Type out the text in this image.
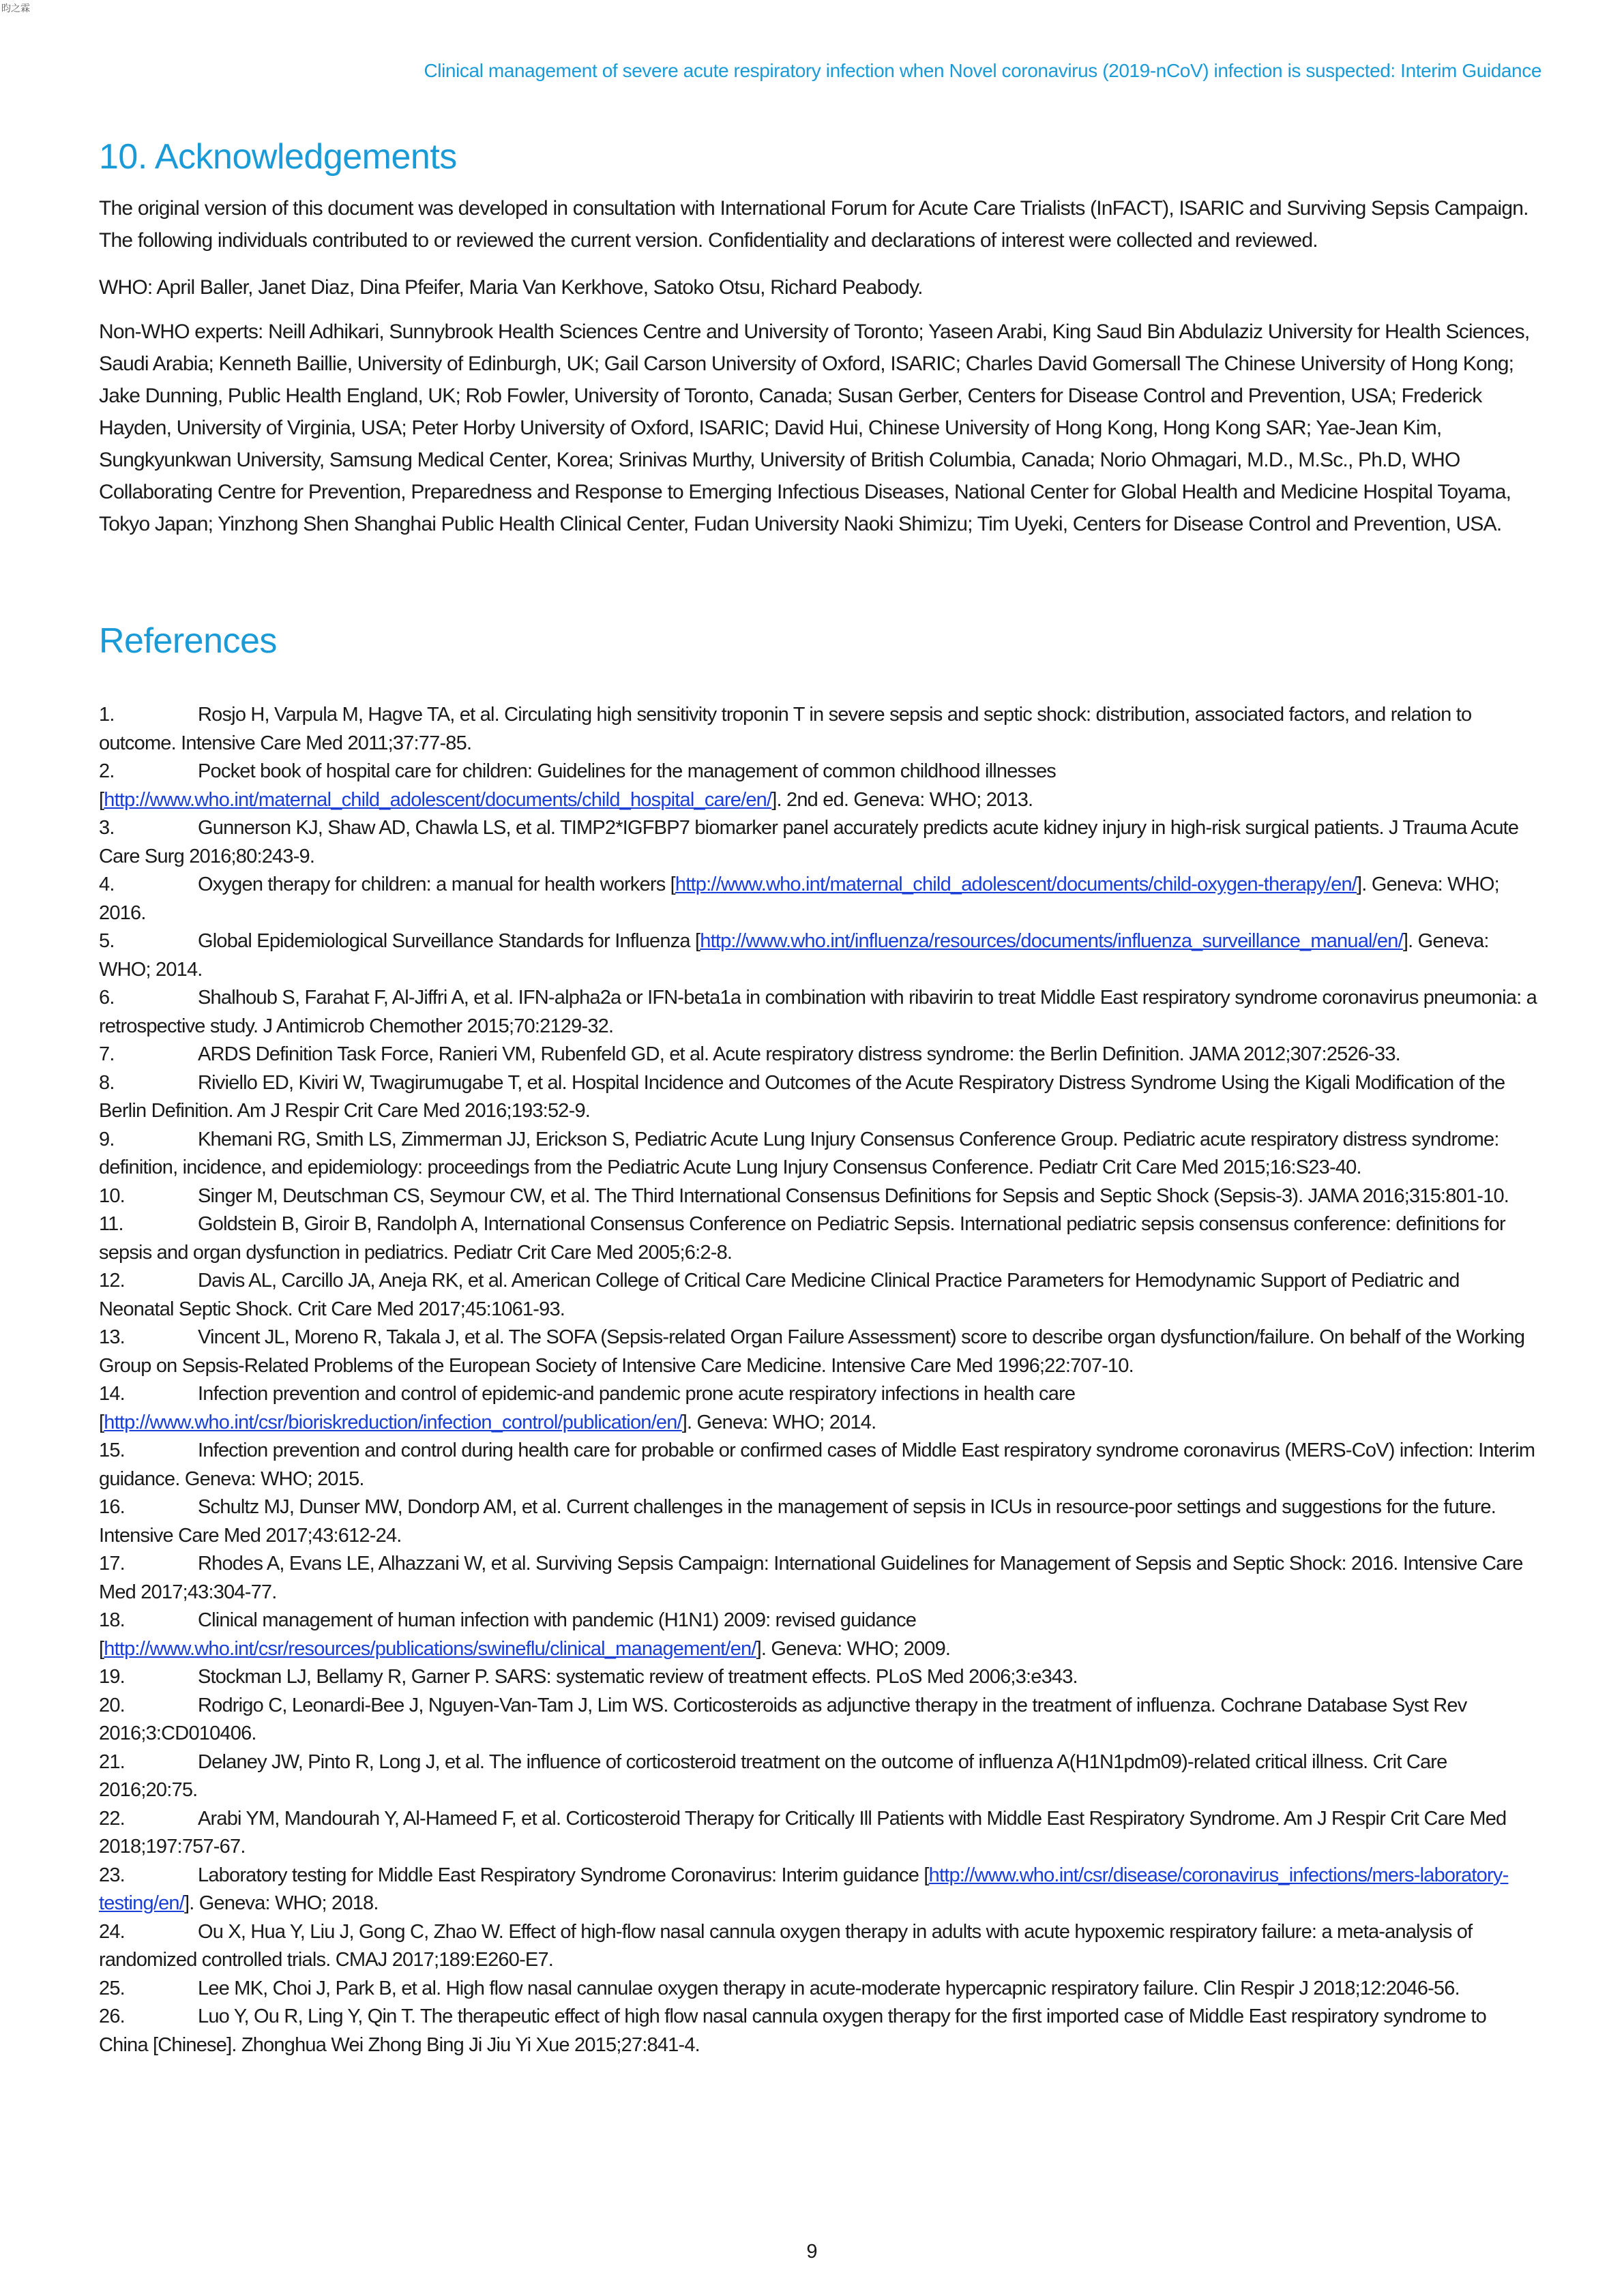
昀之霖
Clinical management of severe acute respiratory infection when Novel coronavirus (2019-nCoV) infection is suspected: Interim Guidance
10. Acknowledgements

The original version of this document was developed in consultation with International Forum for Acute Care Trialists (InFACT), ISARIC and Surviving Sepsis Campaign. The following individuals contributed to or reviewed the current version. Confidentiality and declarations of interest were collected and reviewed.

WHO: April Baller, Janet Diaz, Dina Pfeifer, Maria Van Kerkhove, Satoko Otsu, Richard Peabody.

Non-WHO experts: Neill Adhikari, Sunnybrook Health Sciences Centre and University of Toronto; Yaseen Arabi, King Saud Bin Abdulaziz University for Health Sciences, Saudi Arabia; Kenneth Baillie, University of Edinburgh, UK; Gail Carson University of Oxford, ISARIC; Charles David Gomersall The Chinese University of Hong Kong; Jake Dunning, Public Health England, UK; Rob Fowler, University of Toronto, Canada; Susan Gerber, Centers for Disease Control and Prevention, USA; Frederick Hayden, University of Virginia, USA; Peter Horby University of Oxford, ISARIC; David Hui, Chinese University of Hong Kong, Hong Kong SAR; Yae-Jean Kim, Sungkyunkwan University, Samsung Medical Center, Korea; Srinivas Murthy, University of British Columbia, Canada; Norio Ohmagari, M.D., M.Sc., Ph.D, WHO Collaborating Centre for Prevention, Preparedness and Response to Emerging Infectious Diseases, National Center for Global Health and Medicine Hospital Toyama, Tokyo Japan; Yinzhong Shen Shanghai Public Health Clinical Center, Fudan University Naoki Shimizu; Tim Uyeki, Centers for Disease Control and Prevention, USA.

References

1.	Rosjo H, Varpula M, Hagve TA, et al. Circulating high sensitivity troponin T in severe sepsis and septic shock: distribution, associated factors, and relation to outcome. Intensive Care Med 2011;37:77-85.

2.	Pocket book of hospital care for children: Guidelines for the management of common childhood illnesses [http://www.who.int/maternal_child_adolescent/documents/child_hospital_care/en/]. 2nd ed. Geneva: WHO; 2013.

3.	Gunnerson KJ, Shaw AD, Chawla LS, et al. TIMP2*IGFBP7 biomarker panel accurately predicts acute kidney injury in high-risk surgical patients. J Trauma Acute Care Surg 2016;80:243-9.

4.	Oxygen therapy for children: a manual for health workers [http://www.who.int/maternal_child_adolescent/documents/child-oxygen-therapy/en/]. Geneva: WHO; 2016.

5.	Global Epidemiological Surveillance Standards for Influenza [http://www.who.int/influenza/resources/documents/influenza_surveillance_manual/en/]. Geneva: WHO; 2014.

6.	Shalhoub S, Farahat F, Al-Jiffri A, et al. IFN-alpha2a or IFN-beta1a in combination with ribavirin to treat Middle East respiratory syndrome coronavirus pneumonia: a retrospective study. J Antimicrob Chemother 2015;70:2129-32.

7.	ARDS Definition Task Force, Ranieri VM, Rubenfeld GD, et al. Acute respiratory distress syndrome: the Berlin Definition. JAMA 2012;307:2526-33.

8.	Riviello ED, Kiviri W, Twagirumugabe T, et al. Hospital Incidence and Outcomes of the Acute Respiratory Distress Syndrome Using the Kigali Modification of the Berlin Definition. Am J Respir Crit Care Med 2016;193:52-9.

9.	Khemani RG, Smith LS, Zimmerman JJ, Erickson S, Pediatric Acute Lung Injury Consensus Conference Group. Pediatric acute respiratory distress syndrome: definition, incidence, and epidemiology: proceedings from the Pediatric Acute Lung Injury Consensus Conference. Pediatr Crit Care Med 2015;16:S23-40.

10.	Singer M, Deutschman CS, Seymour CW, et al. The Third International Consensus Definitions for Sepsis and Septic Shock (Sepsis-3). JAMA 2016;315:801-10.

11.	Goldstein B, Giroir B, Randolph A, International Consensus Conference on Pediatric Sepsis. International pediatric sepsis consensus conference: definitions for sepsis and organ dysfunction in pediatrics. Pediatr Crit Care Med 2005;6:2-8.

12.	Davis AL, Carcillo JA, Aneja RK, et al. American College of Critical Care Medicine Clinical Practice Parameters for Hemodynamic Support of Pediatric and Neonatal Septic Shock. Crit Care Med 2017;45:1061-93.

13.	Vincent JL, Moreno R, Takala J, et al. The SOFA (Sepsis-related Organ Failure Assessment) score to describe organ dysfunction/failure. On behalf of the Working Group on Sepsis-Related Problems of the European Society of Intensive Care Medicine. Intensive Care Med 1996;22:707-10.

14.	Infection prevention and control of epidemic-and pandemic prone acute respiratory infections in health care [http://www.who.int/csr/bioriskreduction/infection_control/publication/en/]. Geneva: WHO; 2014.

15.	Infection prevention and control during health care for probable or confirmed cases of Middle East respiratory syndrome coronavirus (MERS-CoV) infection: Interim guidance. Geneva: WHO; 2015.

16.	Schultz MJ, Dunser MW, Dondorp AM, et al. Current challenges in the management of sepsis in ICUs in resource-poor settings and suggestions for the future. Intensive Care Med 2017;43:612-24.

17.	Rhodes A, Evans LE, Alhazzani W, et al. Surviving Sepsis Campaign: International Guidelines for Management of Sepsis and Septic Shock: 2016. Intensive Care Med 2017;43:304-77.

18.	Clinical management of human infection with pandemic (H1N1) 2009: revised guidance [http://www.who.int/csr/resources/publications/swineflu/clinical_management/en/]. Geneva: WHO; 2009.

19.	Stockman LJ, Bellamy R, Garner P. SARS: systematic review of treatment effects. PLoS Med 2006;3:e343.

20.	Rodrigo C, Leonardi-Bee J, Nguyen-Van-Tam J, Lim WS. Corticosteroids as adjunctive therapy in the treatment of influenza. Cochrane Database Syst Rev 2016;3:CD010406.

21.	Delaney JW, Pinto R, Long J, et al. The influence of corticosteroid treatment on the outcome of influenza A(H1N1pdm09)-related critical illness. Crit Care 2016;20:75.

22.	Arabi YM, Mandourah Y, Al-Hameed F, et al. Corticosteroid Therapy for Critically Ill Patients with Middle East Respiratory Syndrome. Am J Respir Crit Care Med 2018;197:757-67.

23.	Laboratory testing for Middle East Respiratory Syndrome Coronavirus: Interim guidance [http://www.who.int/csr/disease/coronavirus_infections/mers-laboratory-testing/en/]. Geneva: WHO; 2018.

24.	Ou X, Hua Y, Liu J, Gong C, Zhao W. Effect of high-flow nasal cannula oxygen therapy in adults with acute hypoxemic respiratory failure: a meta-analysis of randomized controlled trials. CMAJ 2017;189:E260-E7.

25.	Lee MK, Choi J, Park B, et al. High flow nasal cannulae oxygen therapy in acute-moderate hypercapnic respiratory failure. Clin Respir J 2018;12:2046-56.

26.	Luo Y, Ou R, Ling Y, Qin T. The therapeutic effect of high flow nasal cannula oxygen therapy for the first imported case of Middle East respiratory syndrome to China [Chinese]. Zhonghua Wei Zhong Bing Ji Jiu Yi Xue 2015;27:841-4.

9
